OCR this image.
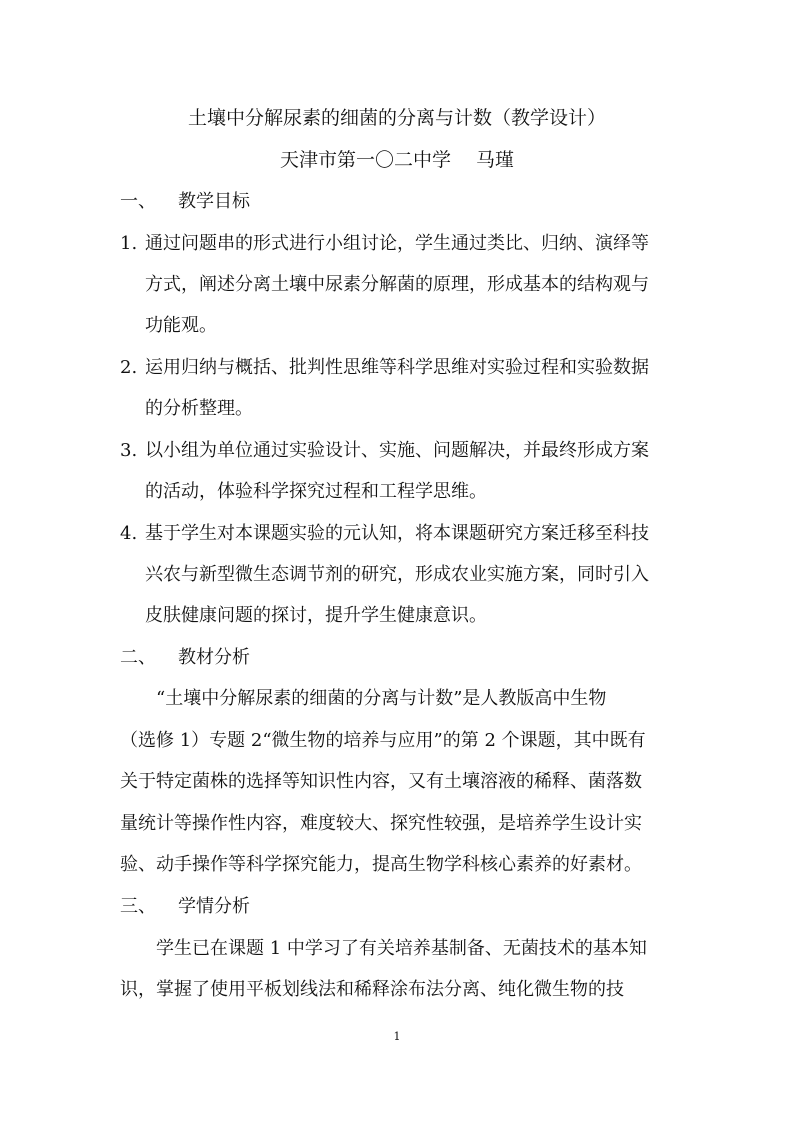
土壤中分解尿素的细菌的分离与计数（教学设计）
天津市第一〇二中学　 马瑾
一、 教学目标
1. 通过问题串的形式进行小组讨论，学生通过类比、归纳、演绎等
方式，阐述分离土壤中尿素分解菌的原理，形成基本的结构观与
功能观。
2. 运用归纳与概括、批判性思维等科学思维对实验过程和实验数据
的分析整理。
3. 以小组为单位通过实验设计、实施、问题解决，并最终形成方案
的活动，体验科学探究过程和工程学思维。
4. 基于学生对本课题实验的元认知，将本课题研究方案迁移至科技
兴农与新型微生态调节剂的研究，形成农业实施方案，同时引入
皮肤健康问题的探讨，提升学生健康意识。
二、 教材分析
“土壤中分解尿素的细菌的分离与计数”是人教版高中生物
（选修 1）专题 2“微生物的培养与应用”的第 2 个课题，其中既有
关于特定菌株的选择等知识性内容，又有土壤溶液的稀释、菌落数
量统计等操作性内容，难度较大、探究性较强，是培养学生设计实
验、动手操作等科学探究能力，提高生物学科核心素养的好素材。
三、 学情分析
学生已在课题 1 中学习了有关培养基制备、无菌技术的基本知
识，掌握了使用平板划线法和稀释涂布法分离、纯化微生物的技
1
